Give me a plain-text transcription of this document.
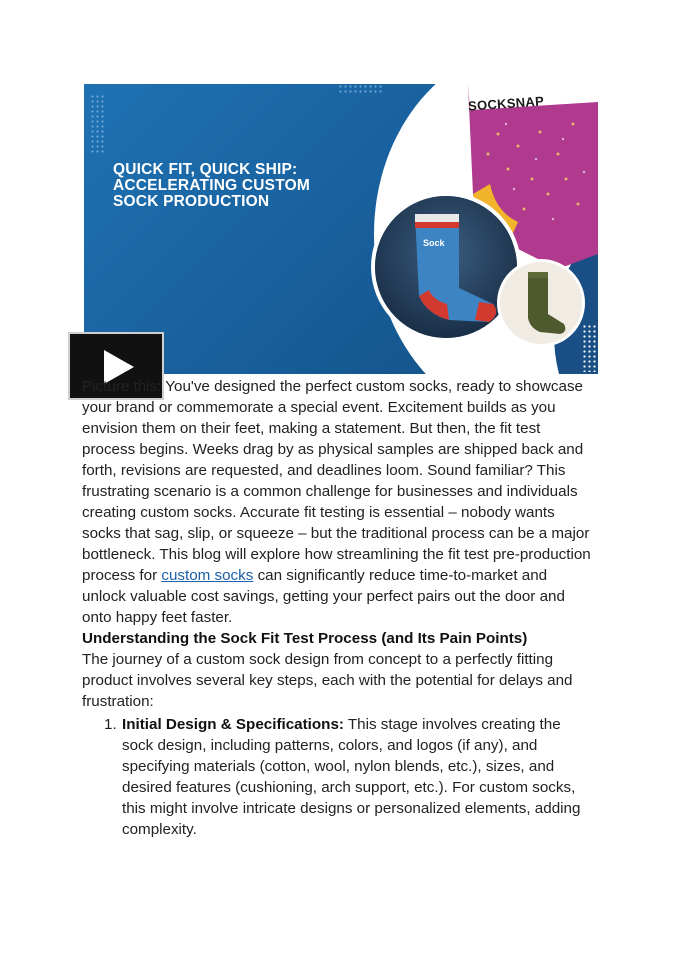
SOCKSNAP
QUICK FIT, QUICK SHIP:
ACCELERATING CUSTOM
SOCK PRODUCTION
Sock

Picture this: You've designed the perfect custom socks, ready to showcase your brand or commemorate a special event. Excitement builds as you envision them on their feet, making a statement. But then, the fit test process begins. Weeks drag by as physical samples are shipped back and forth, revisions are requested, and deadlines loom. Sound familiar? This frustrating scenario is a common challenge for businesses and individuals creating custom socks. Accurate fit testing is essential – nobody wants socks that sag, slip, or squeeze – but the traditional process can be a major bottleneck. This blog will explore how streamlining the fit test pre-production process for custom socks can significantly reduce time-to-market and unlock valuable cost savings, getting your perfect pairs out the door and onto happy feet faster.

Understanding the Sock Fit Test Process (and Its Pain Points)

The journey of a custom sock design from concept to a perfectly fitting product involves several key steps, each with the potential for delays and frustration:

1. Initial Design & Specifications: This stage involves creating the sock design, including patterns, colors, and logos (if any), and specifying materials (cotton, wool, nylon blends, etc.), sizes, and desired features (cushioning, arch support, etc.). For custom socks, this might involve intricate designs or personalized elements, adding complexity.
